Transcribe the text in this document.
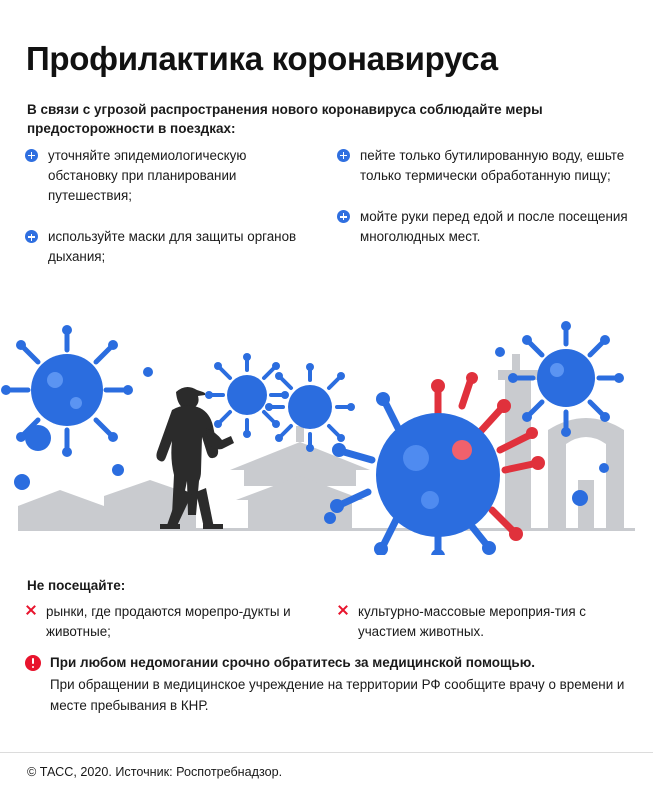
Профилактика коронавируса

В связи с угрозой распространения нового коронавируса соблюдайте меры предосторожности в поездках:

уточняйте эпидемиологическую обстановку при планировании путешествия;
используйте маски для защиты органов дыхания;
пейте только бутилированную воду, ешьте только термически обработанную пищу;
мойте руки перед едой и после посещения многолюдных мест.
Не посещайте:
рынки, где продаются морепро-дукты и животные;
культурно-массовые мероприя-тия с участием животных.
При любом недомогании срочно обратитесь за медицинской помощью.
При обращении в медицинское учреждение на территории РФ сообщите врачу о времени и месте пребывания в КНР.
© ТАСС, 2020. Источник: Роспотребнадзор.
